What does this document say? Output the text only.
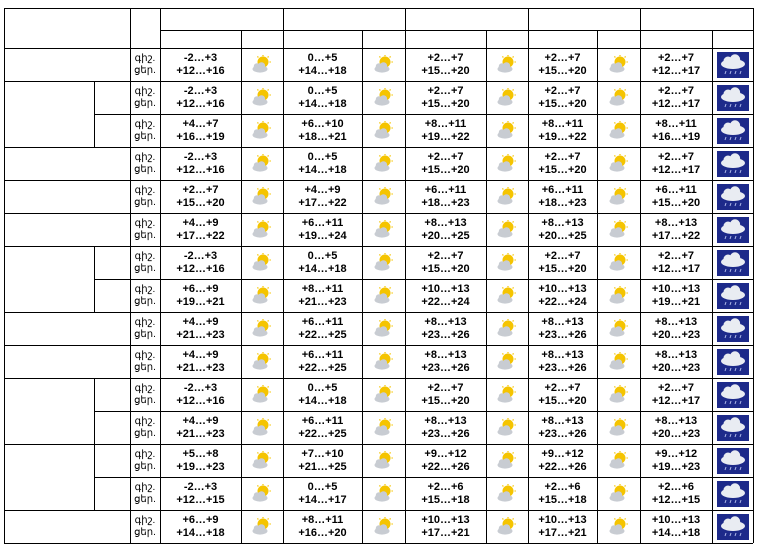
գիշ.
ցեր.
-2…+3
+12…+16
0…+5
+14…+18
+2…+7
+15…+20
+2…+7
+15…+20
+2…+7
+12…+17
գիշ.
ցեր.
-2…+3
+12…+16
0…+5
+14…+18
+2…+7
+15…+20
+2…+7
+15…+20
+2…+7
+12…+17
գիշ.
ցեր.
+4…+7
+16…+19
+6…+10
+18…+21
+8…+11
+19…+22
+8…+11
+19…+22
+8…+11
+16…+19
գիշ.
ցեր.
-2…+3
+12…+16
0…+5
+14…+18
+2…+7
+15…+20
+2…+7
+15…+20
+2…+7
+12…+17
գիշ.
ցեր.
+2…+7
+15…+20
+4…+9
+17…+22
+6…+11
+18…+23
+6…+11
+18…+23
+6…+11
+15…+20
գիշ.
ցեր.
+4…+9
+17…+22
+6…+11
+19…+24
+8…+13
+20…+25
+8…+13
+20…+25
+8…+13
+17…+22
գիշ.
ցեր.
-2…+3
+12…+16
0…+5
+14…+18
+2…+7
+15…+20
+2…+7
+15…+20
+2…+7
+12…+17
գիշ.
ցեր.
+6…+9
+19…+21
+8…+11
+21…+23
+10…+13
+22…+24
+10…+13
+22…+24
+10…+13
+19…+21
գիշ.
ցեր.
+4…+9
+21…+23
+6…+11
+22…+25
+8…+13
+23…+26
+8…+13
+23…+26
+8…+13
+20…+23
գիշ.
ցեր.
+4…+9
+21…+23
+6…+11
+22…+25
+8…+13
+23…+26
+8…+13
+23…+26
+8…+13
+20…+23
գիշ.
ցեր.
-2…+3
+12…+16
0…+5
+14…+18
+2…+7
+15…+20
+2…+7
+15…+20
+2…+7
+12…+17
գիշ.
ցեր.
+4…+9
+21…+23
+6…+11
+22…+25
+8…+13
+23…+26
+8…+13
+23…+26
+8…+13
+20…+23
գիշ.
ցեր.
+5…+8
+19…+23
+7…+10
+21…+25
+9…+12
+22…+26
+9…+12
+22…+26
+9…+12
+19…+23
գիշ.
ցեր.
-2…+3
+12…+15
0…+5
+14…+17
+2…+6
+15…+18
+2…+6
+15…+18
+2…+6
+12…+15
գիշ.
ցեր.
+6…+9
+14…+18
+8…+11
+16…+20
+10…+13
+17…+21
+10…+13
+17…+21
+10…+13
+14…+18
